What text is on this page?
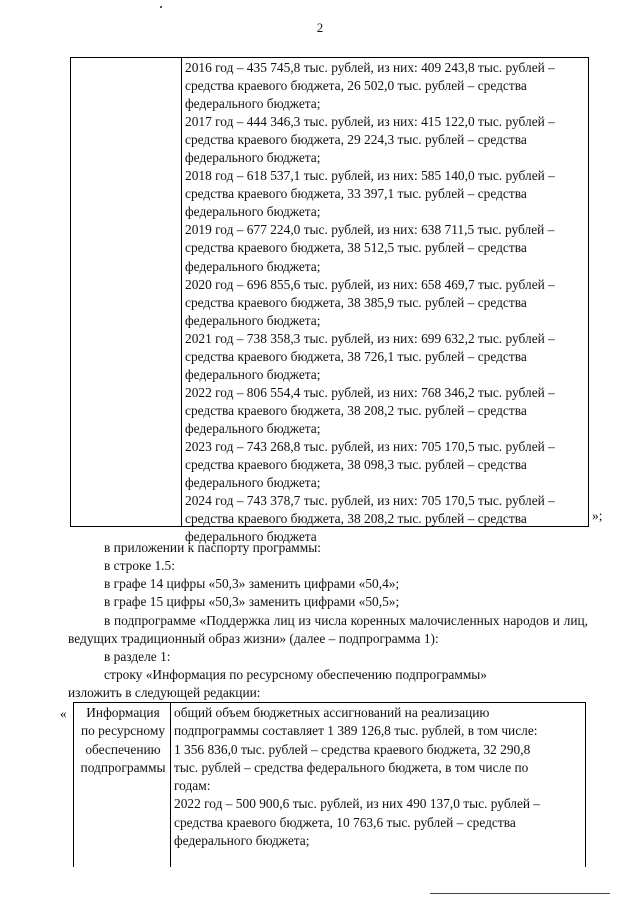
2
2016 год – 435 745,8 тыс. рублей, из них: 409 243,8 тыс. рублей –
средства краевого бюджета, 26 502,0 тыс. рублей – средства
федерального бюджета;
2017 год – 444 346,3 тыс. рублей, из них: 415 122,0 тыс. рублей –
средства краевого бюджета, 29 224,3 тыс. рублей – средства
федерального бюджета;
2018 год – 618 537,1 тыс. рублей, из них: 585 140,0 тыс. рублей –
средства краевого бюджета, 33 397,1 тыс. рублей – средства
федерального бюджета;
2019 год – 677 224,0 тыс. рублей, из них: 638 711,5 тыс. рублей –
средства краевого бюджета, 38 512,5 тыс. рублей – средства
федерального бюджета;
2020 год – 696 855,6 тыс. рублей, из них: 658 469,7 тыс. рублей –
средства краевого бюджета, 38 385,9 тыс. рублей – средства
федерального бюджета;
2021 год – 738 358,3 тыс. рублей, из них: 699 632,2 тыс. рублей –
средства краевого бюджета, 38 726,1 тыс. рублей – средства
федерального бюджета;
2022 год – 806 554,4 тыс. рублей, из них: 768 346,2 тыс. рублей –
средства краевого бюджета, 38 208,2 тыс. рублей – средства
федерального бюджета;
2023 год – 743 268,8 тыс. рублей, из них: 705 170,5 тыс. рублей –
средства краевого бюджета, 38 098,3 тыс. рублей – средства
федерального бюджета;
2024 год – 743 378,7 тыс. рублей, из них: 705 170,5 тыс. рублей –
средства краевого бюджета, 38 208,2 тыс. рублей – средства
федерального бюджета
»;
в приложении к паспорту программы:
в строке 1.5:
в графе 14 цифры «50,3» заменить цифрами «50,4»;
в графе 15 цифры «50,3» заменить цифрами «50,5»;
в подпрограмме «Поддержка лиц из числа коренных малочисленных народов и лиц, ведущих традиционный образ жизни» (далее – подпрограмма 1):
в разделе 1:
строку «Информация по ресурсному обеспечению подпрограммы»
изложить в следующей редакции:
«	Информация
по ресурсному
обеспечению
подпрограммы
общий объем бюджетных ассигнований на реализацию
подпрограммы составляет 1 389 126,8 тыс. рублей, в том числе:
1 356 836,0 тыс. рублей – средства краевого бюджета, 32 290,8
тыс. рублей – средства федерального бюджета, в том числе по
годам:
2022 год – 500 900,6 тыс. рублей, из них 490 137,0 тыс. рублей –
средства краевого бюджета, 10 763,6 тыс. рублей – средства
федерального бюджета;
